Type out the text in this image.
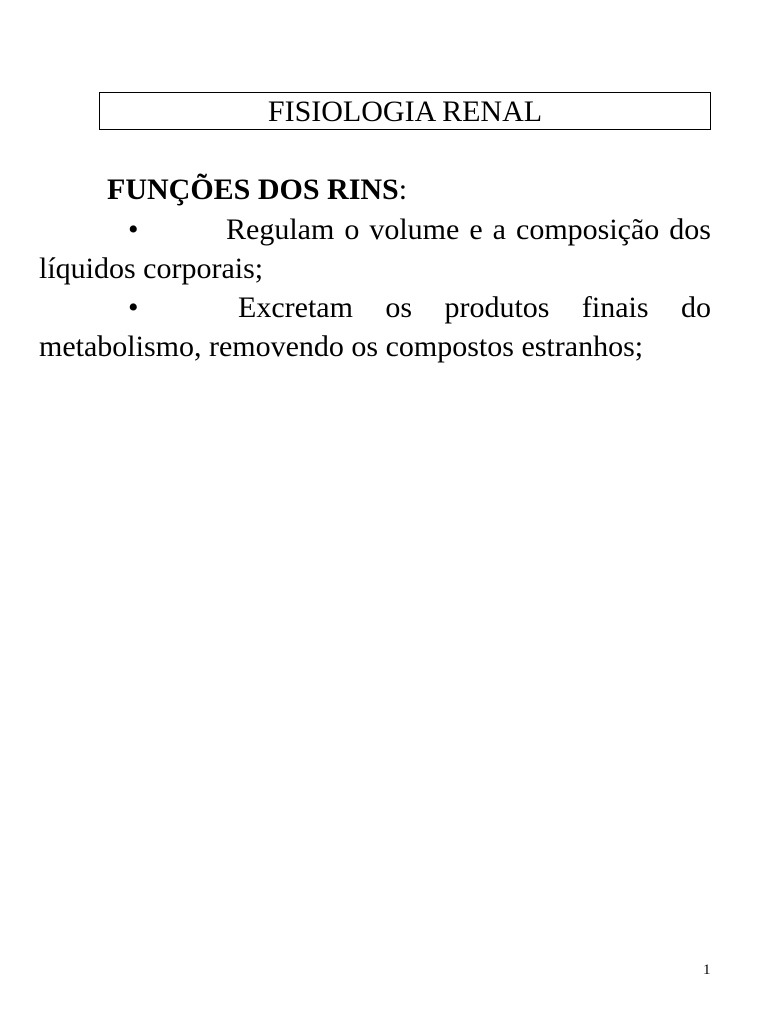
FISIOLOGIA RENAL
FUNÇÕES DOS RINS:

•	Regulam o volume e a composição dos líquidos corporais;

•	Excretam os produtos finais do metabolismo, removendo os compostos estranhos;

1
